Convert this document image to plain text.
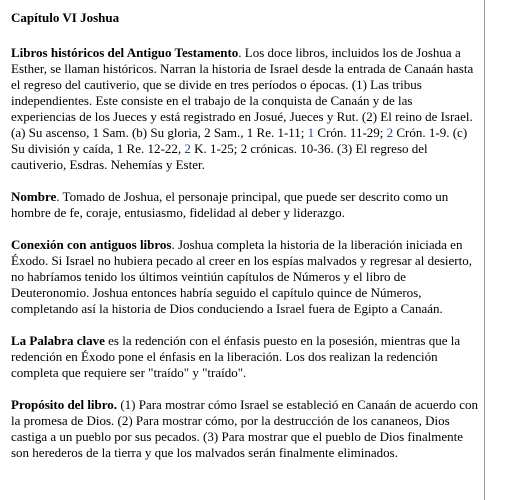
Capítulo VI Joshua

Libros históricos del Antiguo Testamento. Los doce libros, incluidos los de Joshua a Esther, se llaman históricos. Narran la historia de Israel desde la entrada de Canaán hasta el regreso del cautiverio, que se divide en tres períodos o épocas. (1) Las tribus independientes. Este consiste en el trabajo de la conquista de Canaán y de las experiencias de los Jueces y está registrado en Josué, Jueces y Rut. (2) El reino de Israel. (a) Su ascenso, 1 Sam. (b) Su gloria, 2 Sam., 1 Re. 1-11; 1 Crón. 11-29; 2 Crón. 1-9. (c) Su división y caída, 1 Re. 12-22, 2 K. 1-25; 2 crónicas. 10-36. (3) El regreso del cautiverio, Esdras. Nehemías y Ester.

Nombre. Tomado de Joshua, el personaje principal, que puede ser descrito como un hombre de fe, coraje, entusiasmo, fidelidad al deber y liderazgo.

Conexión con antiguos libros. Joshua completa la historia de la liberación iniciada en Éxodo. Si Israel no hubiera pecado al creer en los espías malvados y regresar al desierto, no habríamos tenido los últimos veintiún capítulos de Números y el libro de Deuteronomio. Joshua entonces habría seguido el capítulo quince de Números, completando así la historia de Dios conduciendo a Israel fuera de Egipto a Canaán.

La Palabra clave es la redención con el énfasis puesto en la posesión, mientras que la redención en Éxodo pone el énfasis en la liberación. Los dos realizan la redención completa que requiere ser "traído" y "traído".

Propósito del libro. (1) Para mostrar cómo Israel se estableció en Canaán de acuerdo con la promesa de Dios. (2) Para mostrar cómo, por la destrucción de los cananeos, Dios castiga a un pueblo por sus pecados. (3) Para mostrar que el pueblo de Dios finalmente son herederos de la tierra y que los malvados serán finalmente eliminados.
